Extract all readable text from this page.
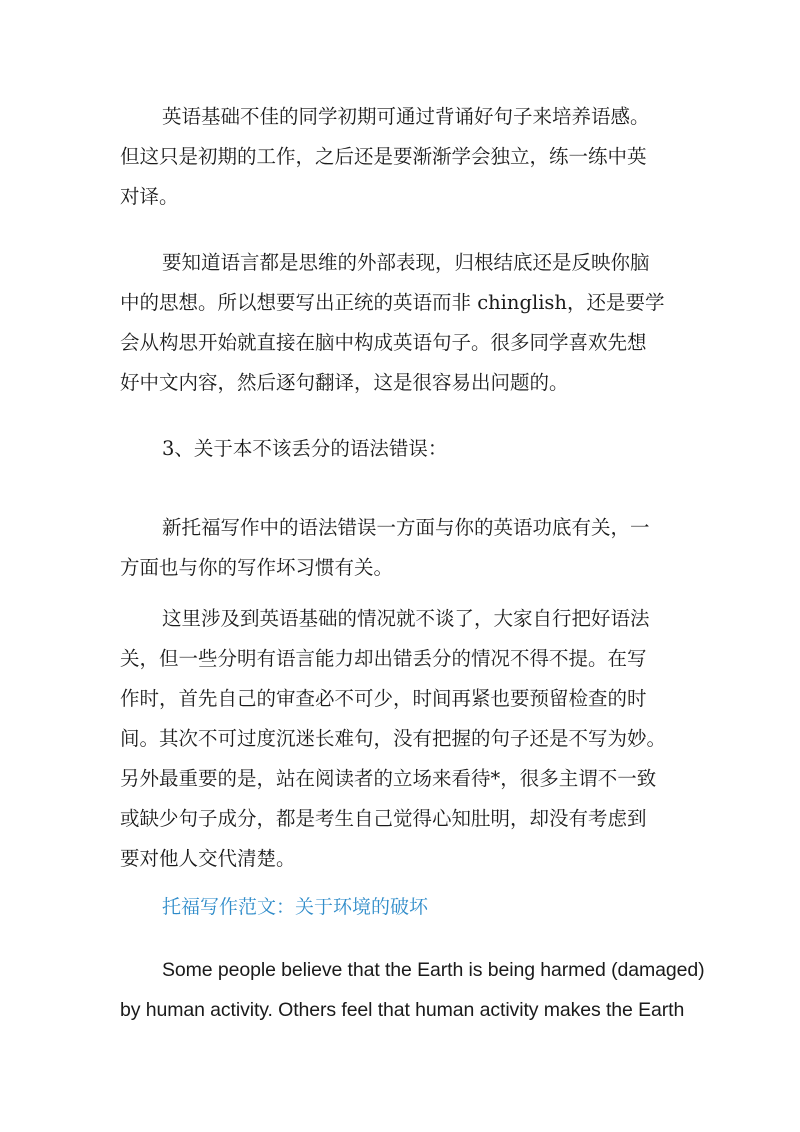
英语基础不佳的同学初期可通过背诵好句子来培养语感。
但这只是初期的工作，之后还是要渐渐学会独立，练一练中英
对译。
要知道语言都是思维的外部表现，归根结底还是反映你脑
中的思想。所以想要写出正统的英语而非 chinglish，还是要学
会从构思开始就直接在脑中构成英语句子。很多同学喜欢先想
好中文内容，然后逐句翻译，这是很容易出问题的。
3、关于本不该丢分的语法错误：
新托福写作中的语法错误一方面与你的英语功底有关，一
方面也与你的写作坏习惯有关。
这里涉及到英语基础的情况就不谈了，大家自行把好语法
关，但一些分明有语言能力却出错丢分的情况不得不提。在写
作时，首先自己的审查必不可少，时间再紧也要预留检查的时
间。其次不可过度沉迷长难句，没有把握的句子还是不写为妙。
另外最重要的是，站在阅读者的立场来看待*，很多主谓不一致
或缺少句子成分，都是考生自己觉得心知肚明，却没有考虑到
要对他人交代清楚。
托福写作范文：关于环境的破坏
Some people believe that the Earth is being harmed (damaged)
by human activity. Others feel that human activity makes the Earth
